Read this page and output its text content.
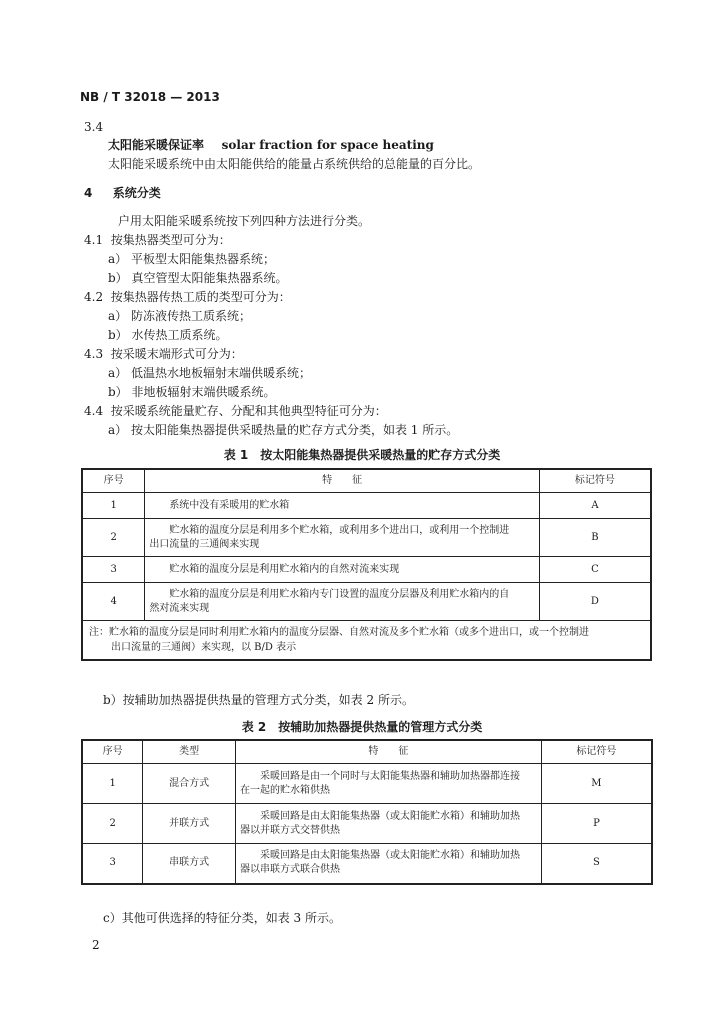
NB / T 32018 — 2013
3.4
太阳能采暖保证率 solar fraction for space heating
太阳能采暖系统中由太阳能供给的能量占系统供给的总能量的百分比。
4 系统分类
户用太阳能采暖系统按下列四种方法进行分类。
4.1 按集热器类型可分为：
a） 平板型太阳能集热器系统；
b） 真空管型太阳能集热器系统。
4.2 按集热器传热工质的类型可分为：
a） 防冻液传热工质系统；
b） 水传热工质系统。
4.3 按采暖末端形式可分为：
a） 低温热水地板辐射末端供暖系统；
b） 非地板辐射末端供暖系统。
4.4 按采暖系统能量贮存、分配和其他典型特征可分为：
a） 按太阳能集热器提供采暖热量的贮存方式分类，如表 1 所示。
表 1　按太阳能集热器提供采暖热量的贮存方式分类
序号	特　　征	标记符号
1	系统中没有采暖用的贮水箱	A
2	贮水箱的温度分层是利用多个贮水箱，或利用多个进出口，或利用一个控制进
出口流量的三通阀来实现	B
3	贮水箱的温度分层是利用贮水箱内的自然对流来实现	C
4	贮水箱的温度分层是利用贮水箱内专门设置的温度分层器及利用贮水箱内的自
然对流来实现	D
注：贮水箱的温度分层是同时利用贮水箱内的温度分层器、自然对流及多个贮水箱（或多个进出口，或一个控制进
出口流量的三通阀）来实现，以 B/D 表示		
b）按辅助加热器提供热量的管理方式分类，如表 2 所示。
表 2　按辅助加热器提供热量的管理方式分类
序号	类型	特　　征	标记符号
1	混合方式	采暖回路是由一个同时与太阳能集热器和辅助加热器都连接
在一起的贮水箱供热	M
2	并联方式	采暖回路是由太阳能集热器（或太阳能贮水箱）和辅助加热
器以并联方式交替供热	P
3	串联方式	采暖回路是由太阳能集热器（或太阳能贮水箱）和辅助加热
器以串联方式联合供热	S
c）其他可供选择的特征分类，如表 3 所示。
2
